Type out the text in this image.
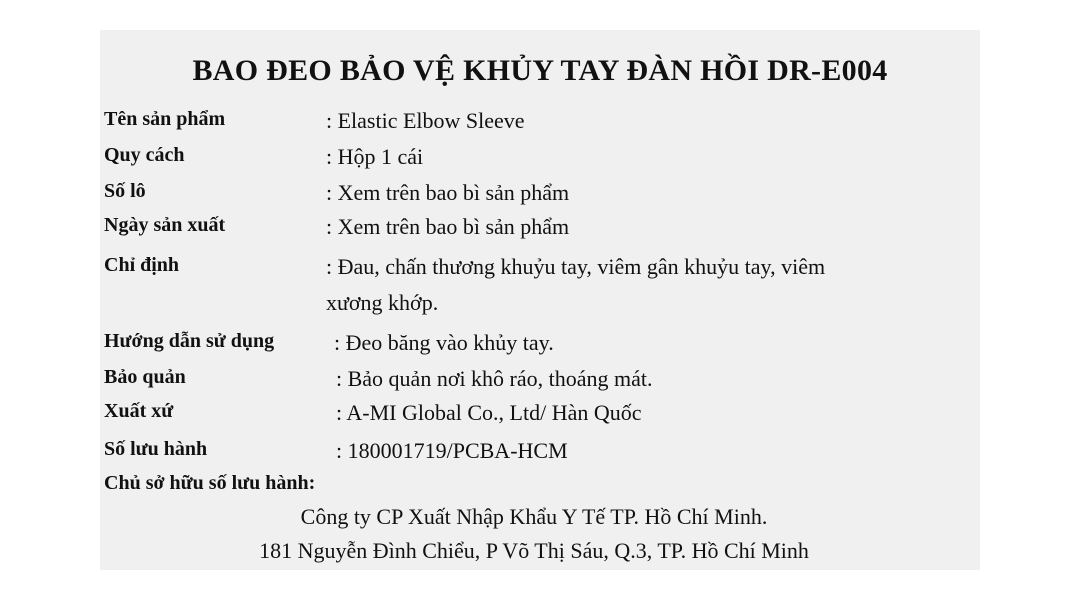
BAO ĐEO BẢO VỆ KHỦY TAY ĐÀN HỒI DR-E004
Tên sản phẩm	: Elastic Elbow Sleeve
Quy cách	: Hộp 1 cái
Số lô	: Xem trên bao bì sản phẩm
Ngày sản xuất	: Xem trên bao bì sản phẩm
Chỉ định	: Đau, chấn thương khuỷu tay, viêm gân khuỷu tay, viêm
xương khớp.
Hướng dẫn sử dụng	: Đeo băng vào khủy tay.
Bảo quản	: Bảo quản nơi khô ráo, thoáng mát.
Xuất xứ	: A-MI Global Co., Ltd/ Hàn Quốc
Số lưu hành	: 180001719/PCBA-HCM
Chủ sở hữu số lưu hành:
Công ty CP Xuất Nhập Khẩu Y Tế TP. Hồ Chí Minh.
181 Nguyễn Đình Chiểu, P Võ Thị Sáu, Q.3, TP. Hồ Chí Minh
